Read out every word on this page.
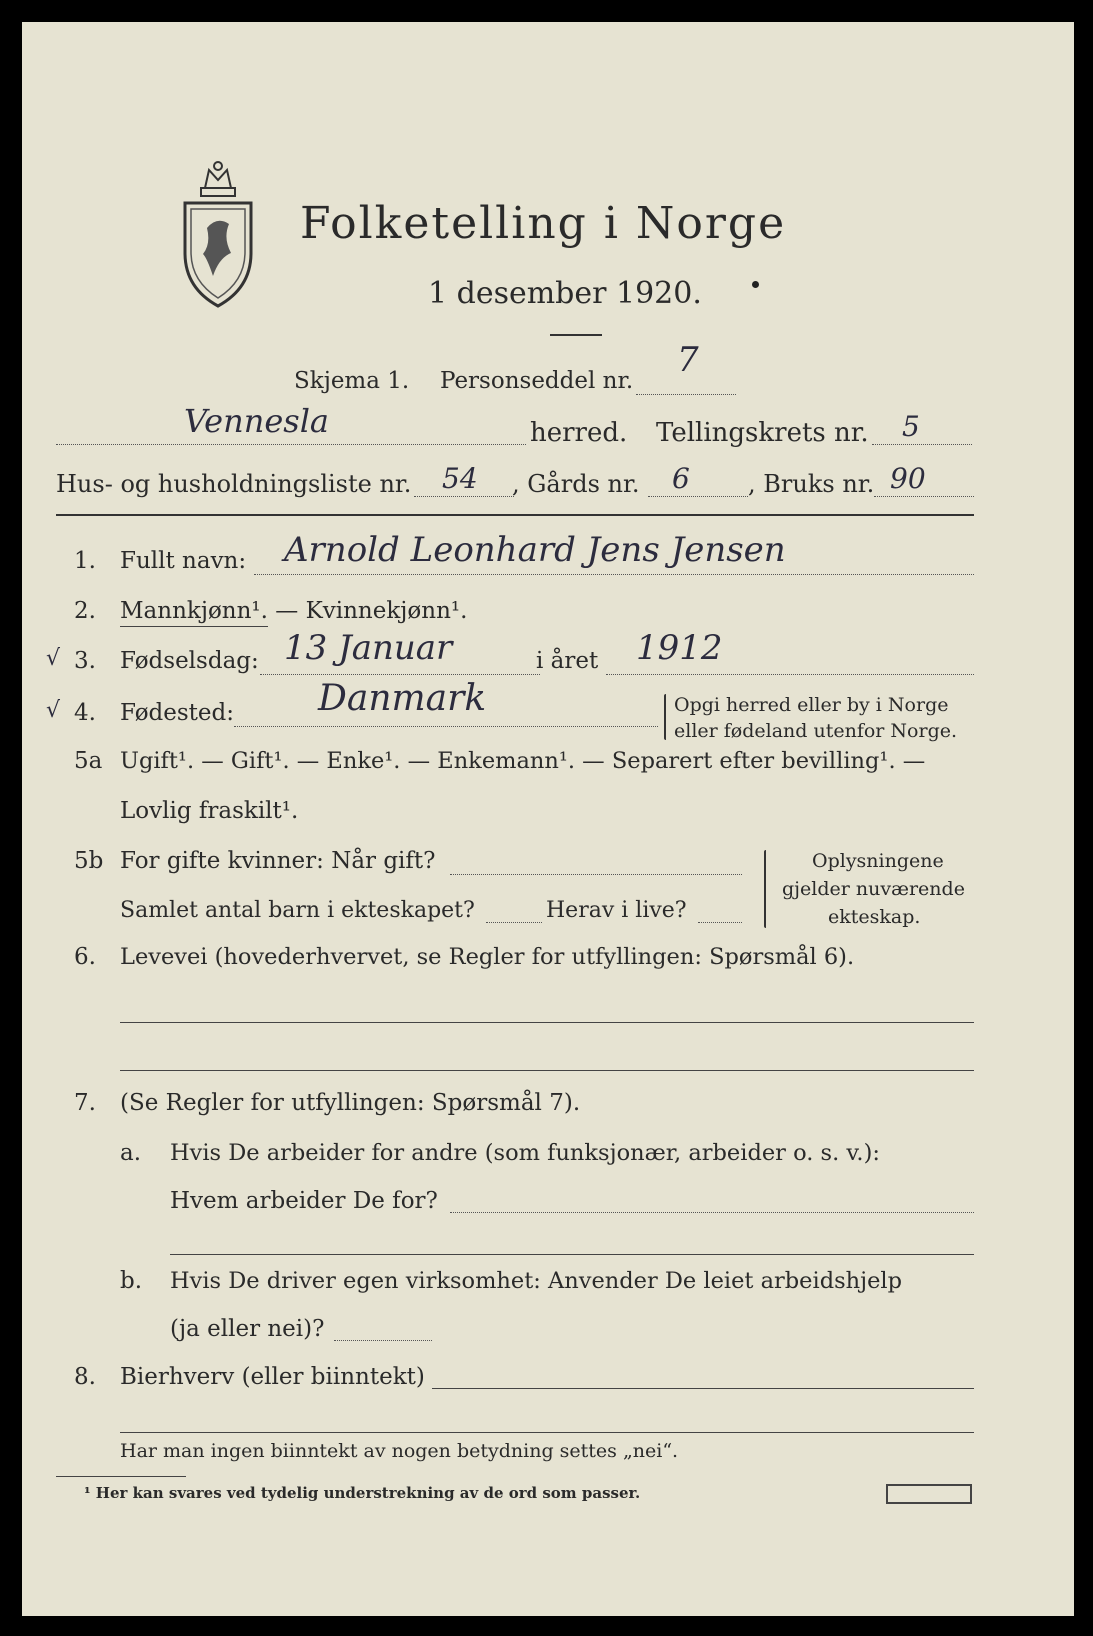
Folketelling i Norge
1 desember 1920.
Skjema 1. Personseddel nr.
7
Vennesla	herred. Tellingskrets nr. 5
Hus- og husholdningsliste nr. 54 , Gårds nr. 6 , Bruks nr. 90
1. Fullt navn: Arnold Leonhard Jens Jensen
2. Mannkjønn¹. — Kvinnekjønn¹.
√ 3. Fødselsdag: 13 Januar	i året 1912
√ 4. Fødested: Danmark	Opgi herred eller by i Norge
eller fødeland utenfor Norge.
5a Ugift¹. — Gift¹. — Enke¹. — Enkemann¹. — Separert efter bevilling¹. —
Lovlig fraskilt¹.
5b For gifte kvinner: Når gift?
Samlet antal barn i ekteskapet?	Herav i live?
Oplysningene
gjelder nuværende
ekteskap.
6. Levevei (hovederhvervet, se Regler for utfyllingen: Spørsmål 6).
7. (Se Regler for utfyllingen: Spørsmål 7).
a. Hvis De arbeider for andre (som funksjonær, arbeider o. s. v.):
Hvem arbeider De for?
b. Hvis De driver egen virksomhet: Anvender De leiet arbeidshjelp
(ja eller nei)?
8. Bierhverv (eller biinntekt)
Har man ingen biinntekt av nogen betydning settes „nei“.
¹ Her kan svares ved tydelig understrekning av de ord som passer.
